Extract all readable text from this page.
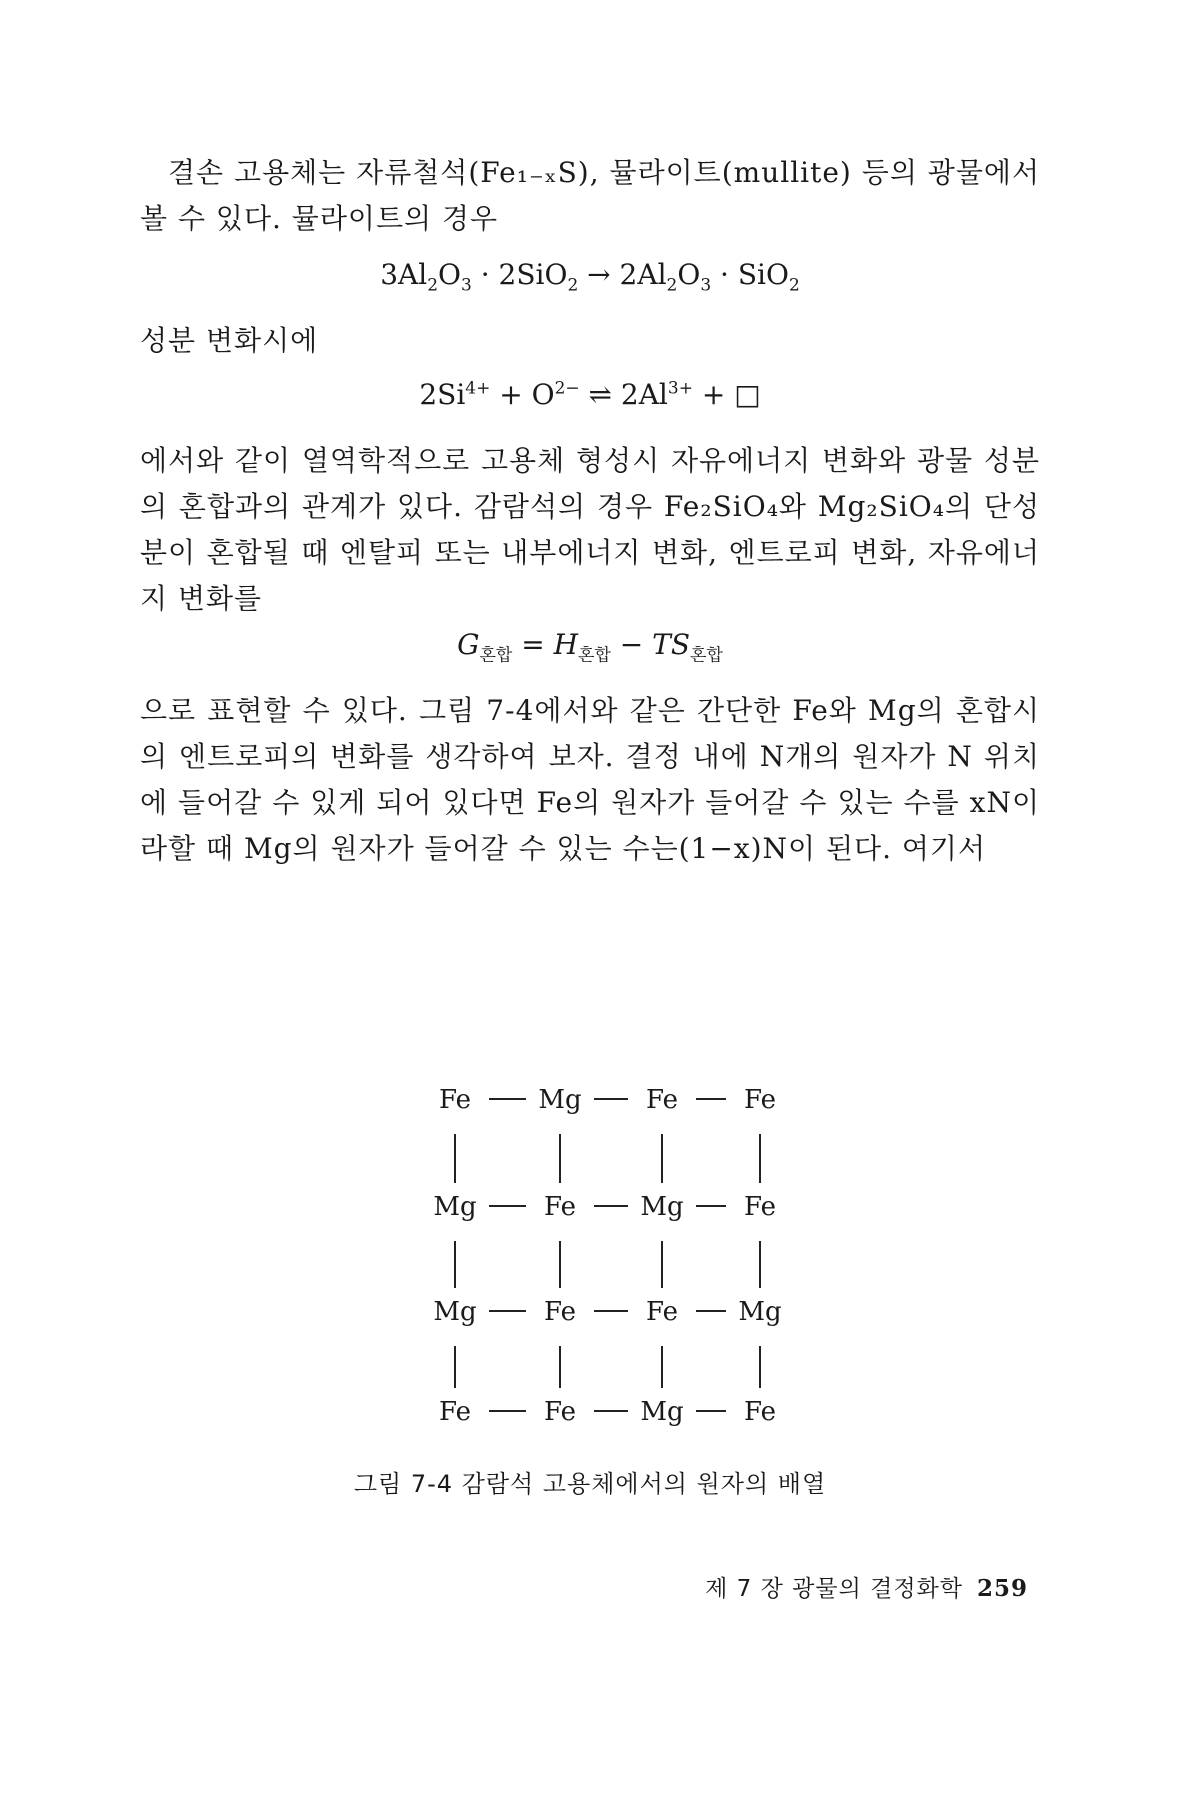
결손 고용체는 자류철석(Fe₁₋ₓS), 뮬라이트(mullite) 등의 광물에서 볼 수 있다. 뮬라이트의 경우

$3Al_2O_3 \cdot 2SiO_2 \to 2Al_2O_3 \cdot SiO_2$

성분 변화시에

$2Si^{4+} + O^{2-}$ ⇌ $2Al^{3+}$ + □

에서와 같이 열역학적으로 고용체 형성시 자유에너지 변화와 광물 성분의 혼합과의 관계가 있다. 감람석의 경우 Fe₂SiO₄와 Mg₂SiO₄의 단성분이 혼합될 때 엔탈피 또는 내부에너지 변화, 엔트로피 변화, 자유에너지 변화를

$G_{혼합} = H_{혼합} - TS_{혼합}$

으로 표현할 수 있다. 그림 7-4에서와 같은 간단한 Fe와 Mg의 혼합시의 엔트로피의 변화를 생각하여 보자. 결정 내에 N개의 원자가 N 위치에 들어갈 수 있게 되어 있다면 Fe의 원자가 들어갈 수 있는 수를 xN이라할 때 Mg의 원자가 들어갈 수 있는 수는(1−x)N이 된다. 여기서

Fe	Mg Fe	Fe
Mg	Fe Mg Fe
Mg	Fe	Fe Mg
Fe	Fe Mg Fe

그림 7-4 감람석 고용체에서의 원자의 배열

제 7 장 광물의 결정화학 259
